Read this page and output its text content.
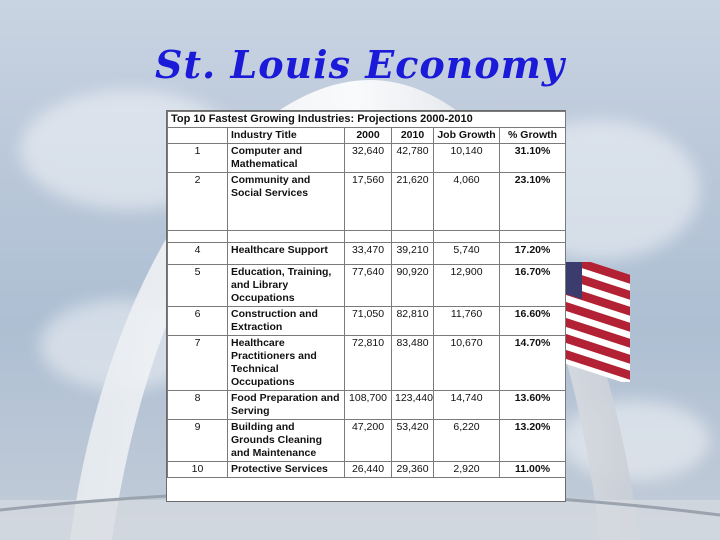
St. Louis Economy
Top 10 Fastest Growing Industries: Projections 2000-2010					
	Industry Title	2000	2010	Job Growth	% Growth
1	Computer and Mathematical	32,640	42,780	10,140	31.10%
2	Community and Social Services	17,560	21,620	4,060	23.10%

4	Healthcare Support	33,470	39,210	5,740	17.20%
5	Education, Training, and Library Occupations	77,640	90,920	12,900	16.70%
6	Construction and Extraction	71,050	82,810	11,760	16.60%
7	Healthcare Practitioners and Technical Occupations	72,810	83,480	10,670	14.70%
8	Food Preparation and Serving	108,700	123,440	14,740	13.60%
9	Building and Grounds Cleaning and Maintenance	47,200	53,420	6,220	13.20%
10	Protective Services	26,440	29,360	2,920	11.00%
